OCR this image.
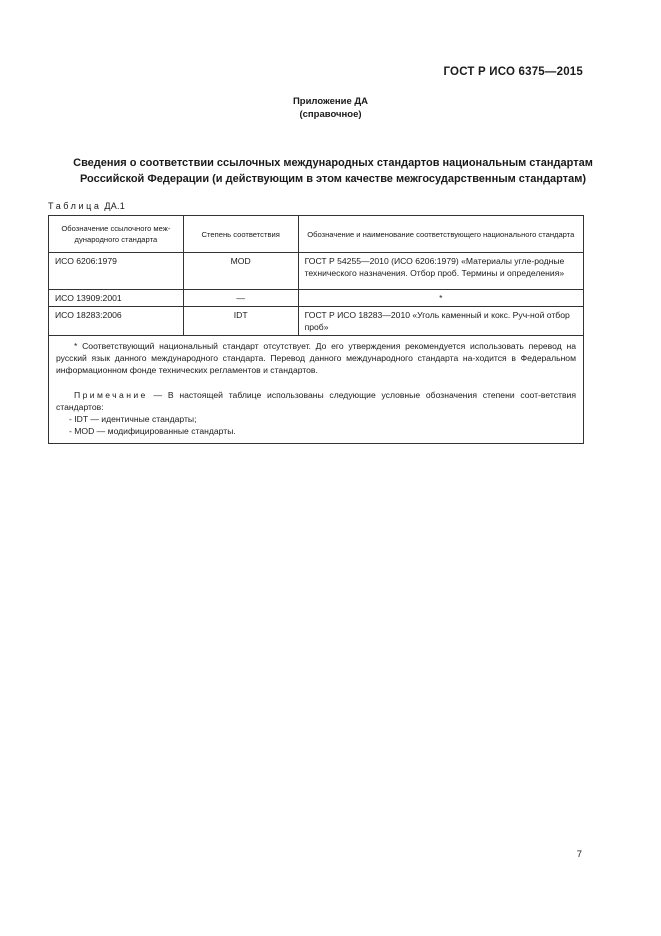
ГОСТ Р ИСО 6375—2015
Приложение ДА
(справочное)
Сведения о соответствии ссылочных международных стандартов национальным стандартам
Российской Федерации (и действующим в этом качестве межгосударственным стандартам)
Таблица ДА.1
Обозначение ссылочного меж-дународного стандарта	Степень соответствия	Обозначение и наименование соответствующего национального стандарта
ИСО 6206:1979	MOD	ГОСТ Р 54255—2010 (ИСО 6206:1979) «Материалы угле-родные технического назначения. Отбор проб. Термины и определения»
ИСО 13909:2001	—	*
ИСО 18283:2006	IDT	ГОСТ Р ИСО 18283—2010 «Уголь каменный и кокс. Руч-ной отбор проб»

* Соответствующий национальный стандарт отсутствует. До его утверждения рекомендуется использовать перевод на русский язык данного международного стандарта. Перевод данного международного стандарта на-ходится в Федеральном информационном фонде технических регламентов и стандартов.

Примечание — В настоящей таблице использованы следующие условные обозначения степени соот-ветствия стандартов:

- IDT — идентичные стандарты;
- MOD — модифицированные стандарты.		
7
